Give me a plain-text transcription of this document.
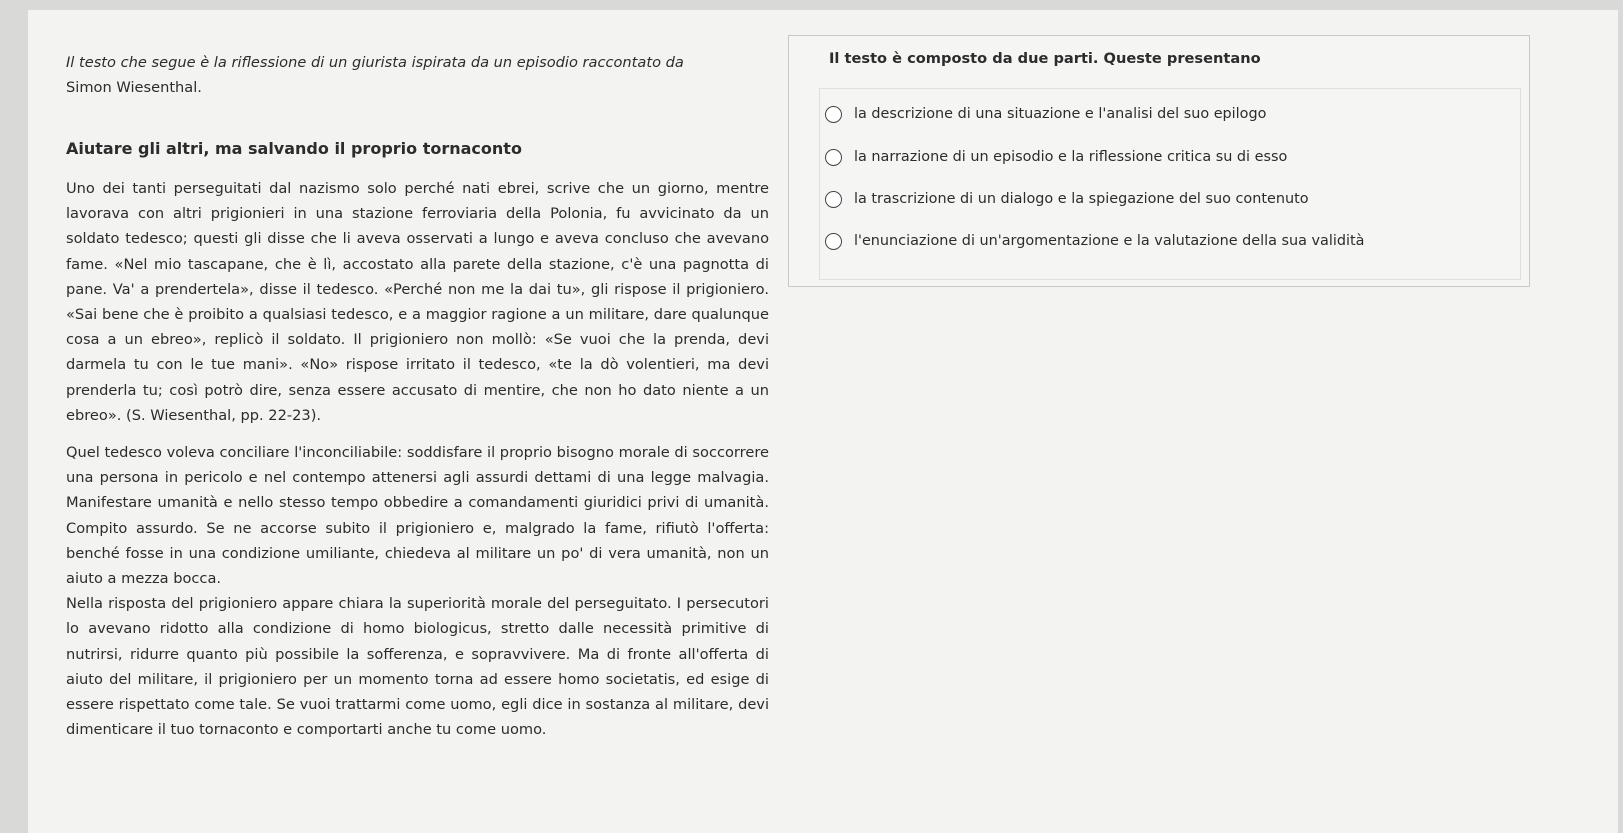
Il testo che segue è la riflessione di un giurista ispirata da un episodio raccontato da
Simon Wiesenthal.

Aiutare gli altri, ma salvando il proprio tornaconto

Uno dei tanti perseguitati dal nazismo solo perché nati ebrei, scrive che un giorno, mentre lavorava con altri prigionieri in una stazione ferroviaria della Polonia, fu avvicinato da un soldato tedesco; questi gli disse che li aveva osservati a lungo e aveva concluso che avevano fame. «Nel mio tascapane, che è lì, accostato alla parete della stazione, c'è una pagnotta di pane. Va' a prendertela», disse il tedesco. «Perché non me la dai tu», gli rispose il prigioniero. «Sai bene che è proibito a qualsiasi tedesco, e a maggior ragione a un militare, dare qualunque cosa a un ebreo», replicò il soldato. Il prigioniero non mollò: «Se vuoi che la prenda, devi darmela tu con le tue mani». «No» rispose irritato il tedesco, «te la dò volentieri, ma devi prenderla tu; così potrò dire, senza essere accusato di mentire, che non ho dato niente a un ebreo». (S. Wiesenthal, pp. 22-23).

Quel tedesco voleva conciliare l'inconciliabile: soddisfare il proprio bisogno morale di soccorrere una persona in pericolo e nel contempo attenersi agli assurdi dettami di una legge malvagia. Manifestare umanità e nello stesso tempo obbedire a comandamenti giuridici privi di umanità. Compito assurdo. Se ne accorse subito il prigioniero e, malgrado la fame, rifiutò l'offerta: benché fosse in una condizione umiliante, chiedeva al militare un po' di vera umanità, non un aiuto a mezza bocca.

Nella risposta del prigioniero appare chiara la superiorità morale del perseguitato. I persecutori lo avevano ridotto alla condizione di homo biologicus, stretto dalle necessità primitive di nutrirsi, ridurre quanto più possibile la sofferenza, e sopravvivere. Ma di fronte all'offerta di aiuto del militare, il prigioniero per un momento torna ad essere homo societatis, ed esige di essere rispettato come tale. Se vuoi trattarmi come uomo, egli dice in sostanza al militare, devi dimenticare il tuo tornaconto e comportarti anche tu come uomo.

Il testo è composto da due parti. Queste presentano
la descrizione di una situazione e l'analisi del suo epilogo
la narrazione di un episodio e la riflessione critica su di esso
la trascrizione di un dialogo e la spiegazione del suo contenuto
l'enunciazione di un'argomentazione e la valutazione della sua validità
